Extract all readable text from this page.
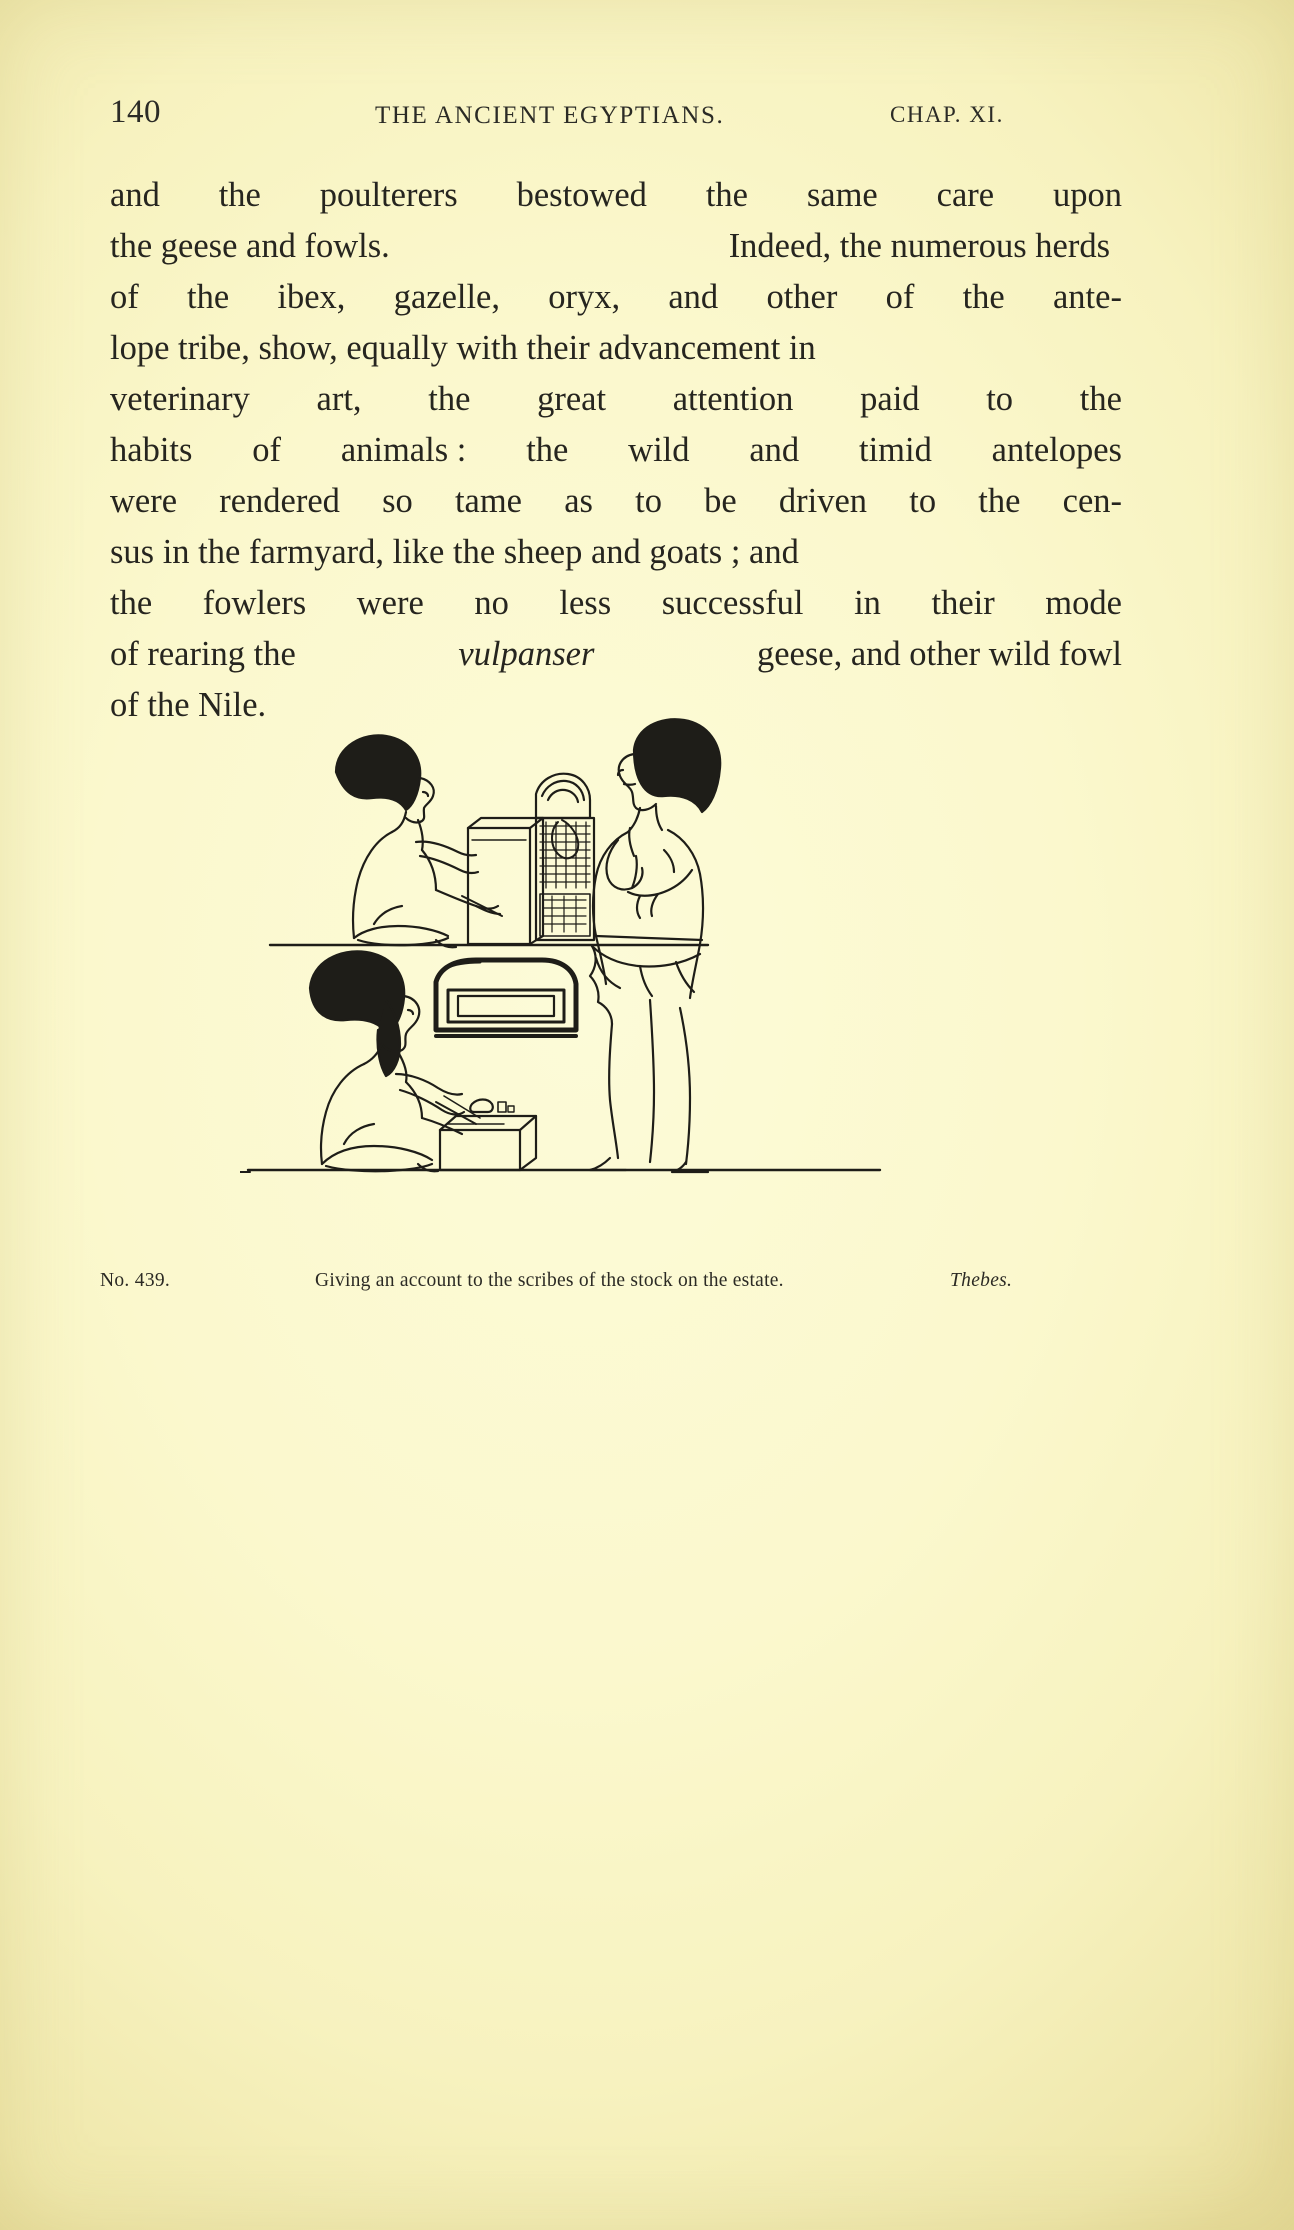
140	THE ANCIENT EGYPTIANS.	CHAP. XI.
and the poulterers bestowed the same care upon
the geese and fowls.	Indeed, the numerous herds
of the ibex, gazelle, oryx, and other of the ante-
lope tribe, show, equally with their advancement in
veterinary art, the great attention paid to the
habits of animals : the wild and timid antelopes
were rendered so tame as to be driven to the cen-
sus in the farmyard, like the sheep and goats ; and
the fowlers were no less successful in their mode
of rearing the	vulpanser	geese, and other wild fowl
of the Nile.
No. 439.	Giving an account to the scribes of the stock on the estate.	Thebes.
